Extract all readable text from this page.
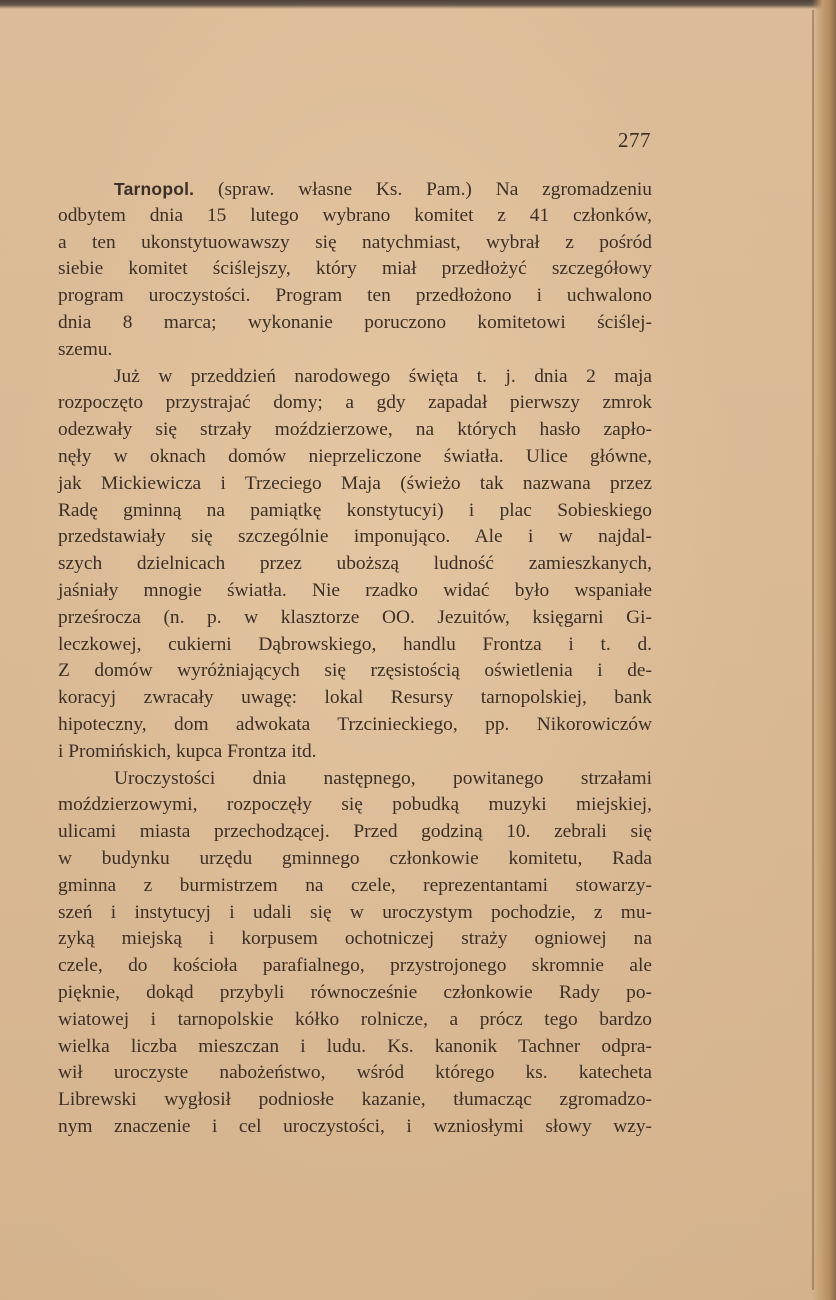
277
Tarnopol. (spraw. własne Ks. Pam.) Na zgromadzeniu
odbytem dnia 15 lutego wybrano komitet z 41 członków,
a ten ukonstytuowawszy się natychmiast, wybrał z pośród
siebie komitet ściślejszy, który miał przedłożyć szczegółowy
program uroczystości. Program ten przedłożono i uchwalono
dnia 8 marca; wykonanie poruczono komitetowi ściślej-
szemu.
Już w przeddzień narodowego święta t. j. dnia 2 maja
rozpoczęto przystrajać domy; a gdy zapadał pierwszy zmrok
odezwały się strzały moździerzowe, na których hasło zapło-
nęły w oknach domów nieprzeliczone światła. Ulice główne,
jak Mickiewicza i Trzeciego Maja (świeżo tak nazwana przez
Radę gminną na pamiątkę konstytucyi) i plac Sobieskiego
przedstawiały się szczególnie imponująco. Ale i w najdal-
szych dzielnicach przez uboższą ludność zamieszkanych,
jaśniały mnogie światła. Nie rzadko widać było wspaniałe
prześrocza (n. p. w klasztorze OO. Jezuitów, księgarni Gi-
leczkowej, cukierni Dąbrowskiego, handlu Frontza i t. d.
Z domów wyróżniających się rzęsistością oświetlenia i de-
koracyj zwracały uwagę: lokal Resursy tarnopolskiej, bank
hipoteczny, dom adwokata Trzcinieckiego, pp. Nikorowiczów
i Promińskich, kupca Frontza itd.
Uroczystości dnia następnego, powitanego strzałami
moździerzowymi, rozpoczęły się pobudką muzyki miejskiej,
ulicami miasta przechodzącej. Przed godziną 10. zebrali się
w budynku urzędu gminnego członkowie komitetu, Rada
gminna z burmistrzem na czele, reprezentantami stowarzy-
szeń i instytucyj i udali się w uroczystym pochodzie, z mu-
zyką miejską i korpusem ochotniczej straży ogniowej na
czele, do kościoła parafialnego, przystrojonego skromnie ale
pięknie, dokąd przybyli równocześnie członkowie Rady po-
wiatowej i tarnopolskie kółko rolnicze, a prócz tego bardzo
wielka liczba mieszczan i ludu. Ks. kanonik Tachner odpra-
wił uroczyste nabożeństwo, wśród którego ks. katecheta
Librewski wygłosił podniosłe kazanie, tłumacząc zgromadzo-
nym znaczenie i cel uroczystości, i wzniosłymi słowy wzy-
